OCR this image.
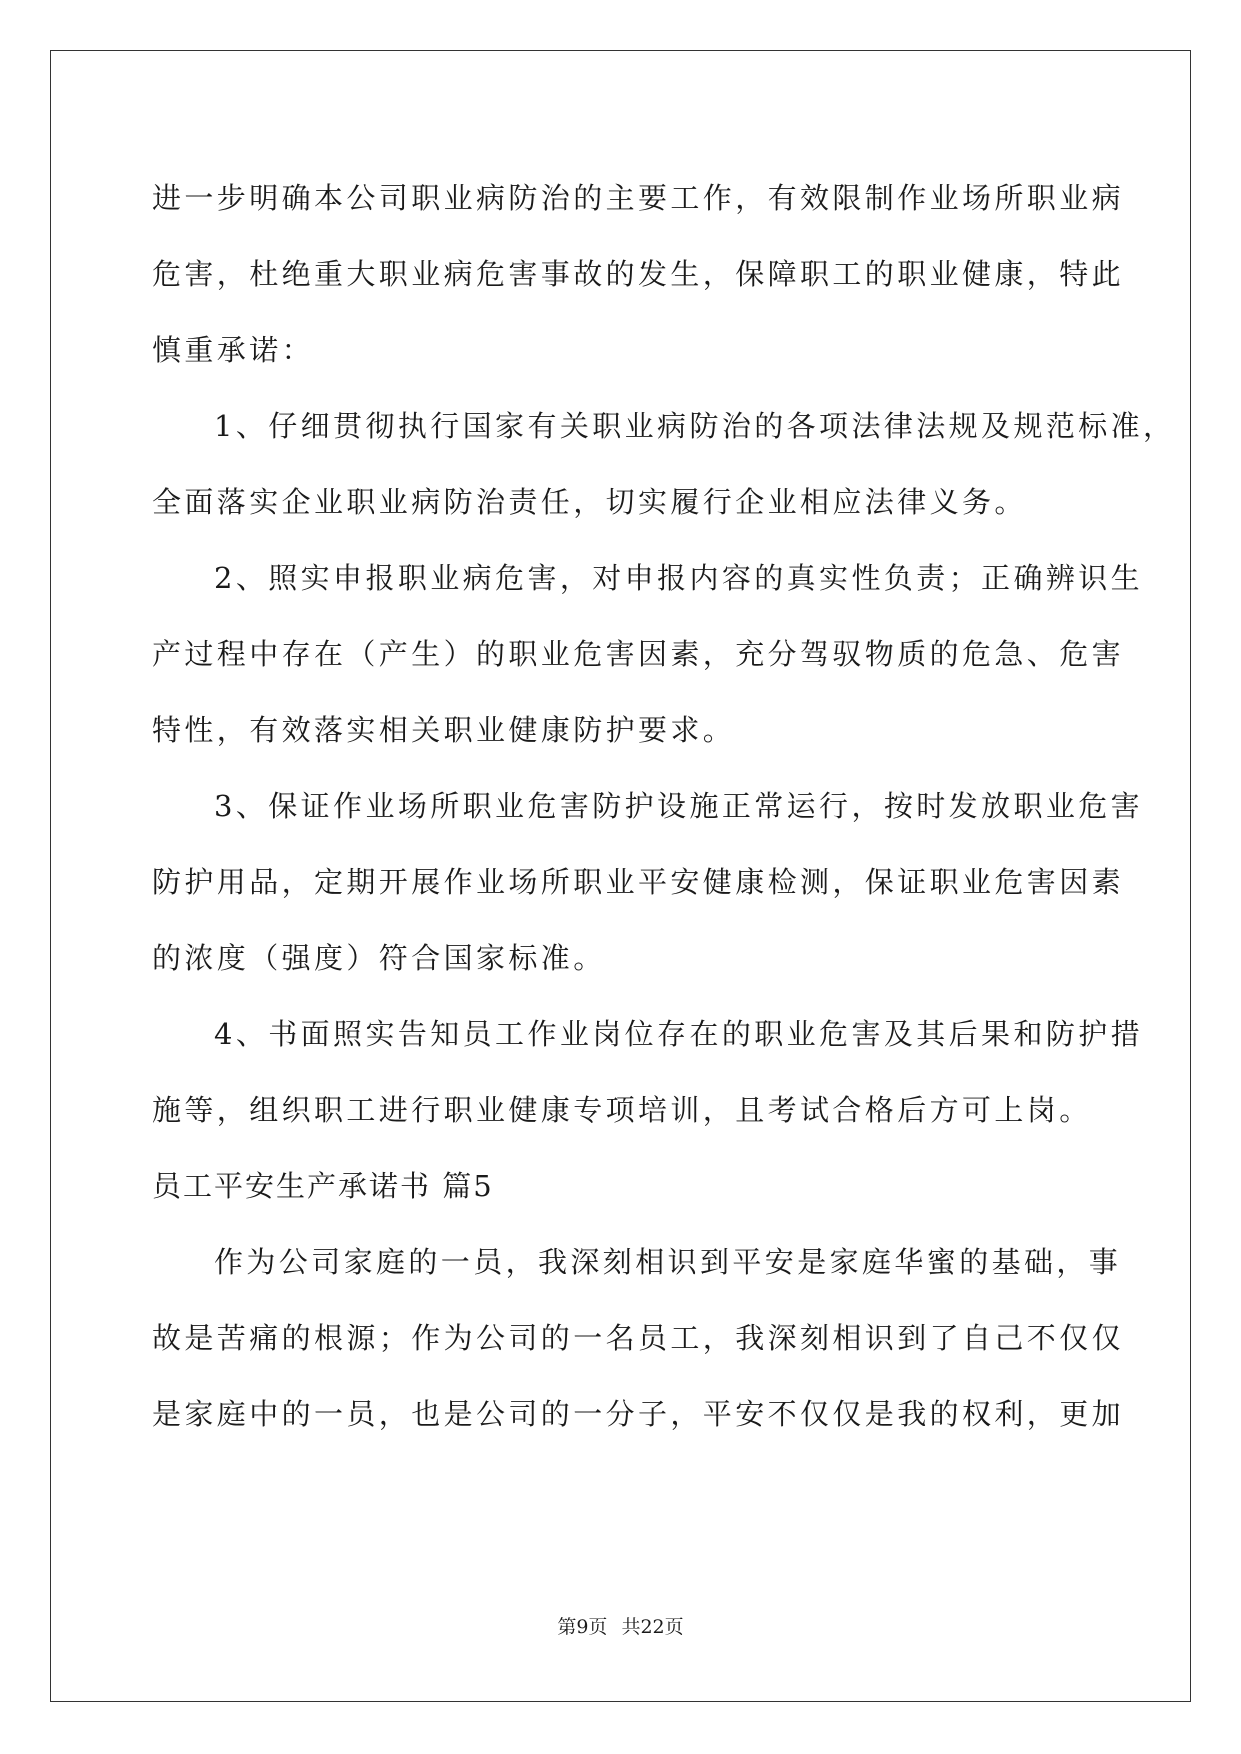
进一步明确本公司职业病防治的主要工作，有效限制作业场所职业病

危害，杜绝重大职业病危害事故的发生，保障职工的职业健康，特此

慎重承诺：

1、仔细贯彻执行国家有关职业病防治的各项法律法规及规范标准，

全面落实企业职业病防治责任，切实履行企业相应法律义务。

2、照实申报职业病危害，对申报内容的真实性负责；正确辨识生

产过程中存在（产生）的职业危害因素，充分驾驭物质的危急、危害

特性，有效落实相关职业健康防护要求。

3、保证作业场所职业危害防护设施正常运行，按时发放职业危害

防护用品，定期开展作业场所职业平安健康检测，保证职业危害因素

的浓度（强度）符合国家标准。

4、书面照实告知员工作业岗位存在的职业危害及其后果和防护措

施等，组织职工进行职业健康专项培训，且考试合格后方可上岗。

员工平安生产承诺书 篇5

作为公司家庭的一员，我深刻相识到平安是家庭华蜜的基础，事

故是苦痛的根源；作为公司的一名员工，我深刻相识到了自己不仅仅

是家庭中的一员，也是公司的一分子，平安不仅仅是我的权利，更加

第9页 共22页
